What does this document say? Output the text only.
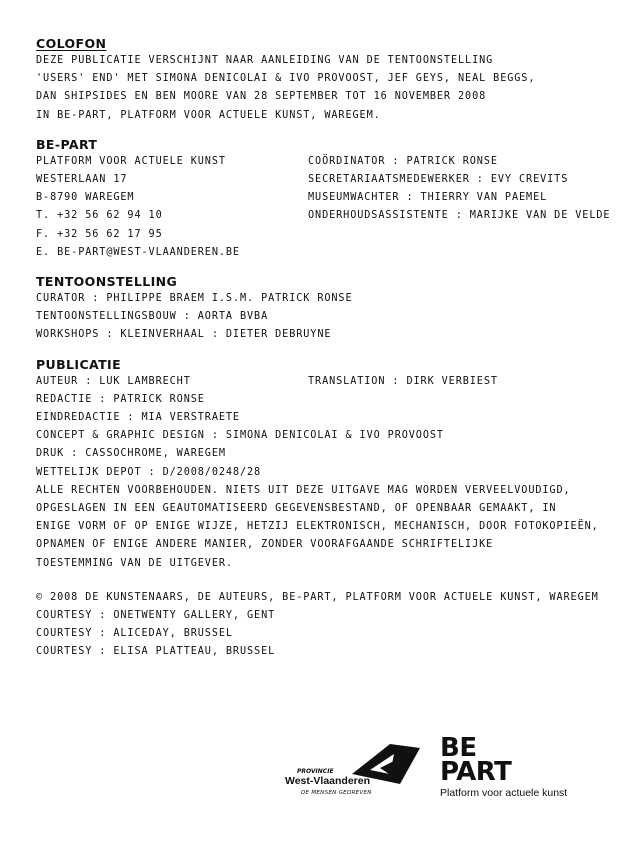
COLOFON

DEZE PUBLICATIE VERSCHIJNT NAAR AANLEIDING VAN DE TENTOONSTELLING

'USERS' END' MET SIMONA DENICOLAI & IVO PROVOOST, JEF GEYS, NEAL BEGGS,

DAN SHIPSIDES EN BEN MOORE VAN 28 SEPTEMBER TOT 16 NOVEMBER 2008

IN BE-PART, PLATFORM VOOR ACTUELE KUNST, WAREGEM.

BE-PART

PLATFORM VOOR ACTUELE KUNST	COÖRDINATOR : PATRICK RONSE
WESTERLAAN 17	SECRETARIAATSMEDEWERKER : EVY CREVITS
B-8790 WAREGEM	MUSEUMWACHTER : THIERRY VAN PAEMEL
T. +32 56 62 94 10	ONDERHOUDSASSISTENTE : MARIJKE VAN DE VELDE
F. +32 56 62 17 95
E. BE-PART@WEST-VLAANDEREN.BE

TENTOONSTELLING

CURATOR : PHILIPPE BRAEM I.S.M. PATRICK RONSE

TENTOONSTELLINGSBOUW : AORTA BVBA

WORKSHOPS : KLEINVERHAAL : DIETER DEBRUYNE

PUBLICATIE

AUTEUR : LUK LAMBRECHT	TRANSLATION : DIRK VERBIEST

REDACTIE : PATRICK RONSE

EINDREDACTIE : MIA VERSTRAETE

CONCEPT & GRAPHIC DESIGN : SIMONA DENICOLAI & IVO PROVOOST

DRUK : CASSOCHROME, WAREGEM

WETTELIJK DEPOT : D/2008/0248/28

ALLE RECHTEN VOORBEHOUDEN. NIETS UIT DEZE UITGAVE MAG WORDEN VERVEELVOUDIGD,

OPGESLAGEN IN EEN GEAUTOMATISEERD GEGEVENSBESTAND, OF OPENBAAR GEMAAKT, IN

ENIGE VORM OF OP ENIGE WIJZE, HETZIJ ELEKTRONISCH, MECHANISCH, DOOR FOTOKOPIEËN,

OPNAMEN OF ENIGE ANDERE MANIER, ZONDER VOORAFGAANDE SCHRIFTELIJKE

TOESTEMMING VAN DE UITGEVER.

© 2008 DE KUNSTENAARS, DE AUTEURS, BE-PART, PLATFORM VOOR ACTUELE KUNST, WAREGEM

COURTESY : ONETWENTY GALLERY, GENT

COURTESY : ALICEDAY, BRUSSEL

COURTESY : ELISA PLATTEAU, BRUSSEL

PROVINCIE
West-Vlaanderen
DE MENSEN GEDREVEN
BE
PART
Platform voor actuele kunst
